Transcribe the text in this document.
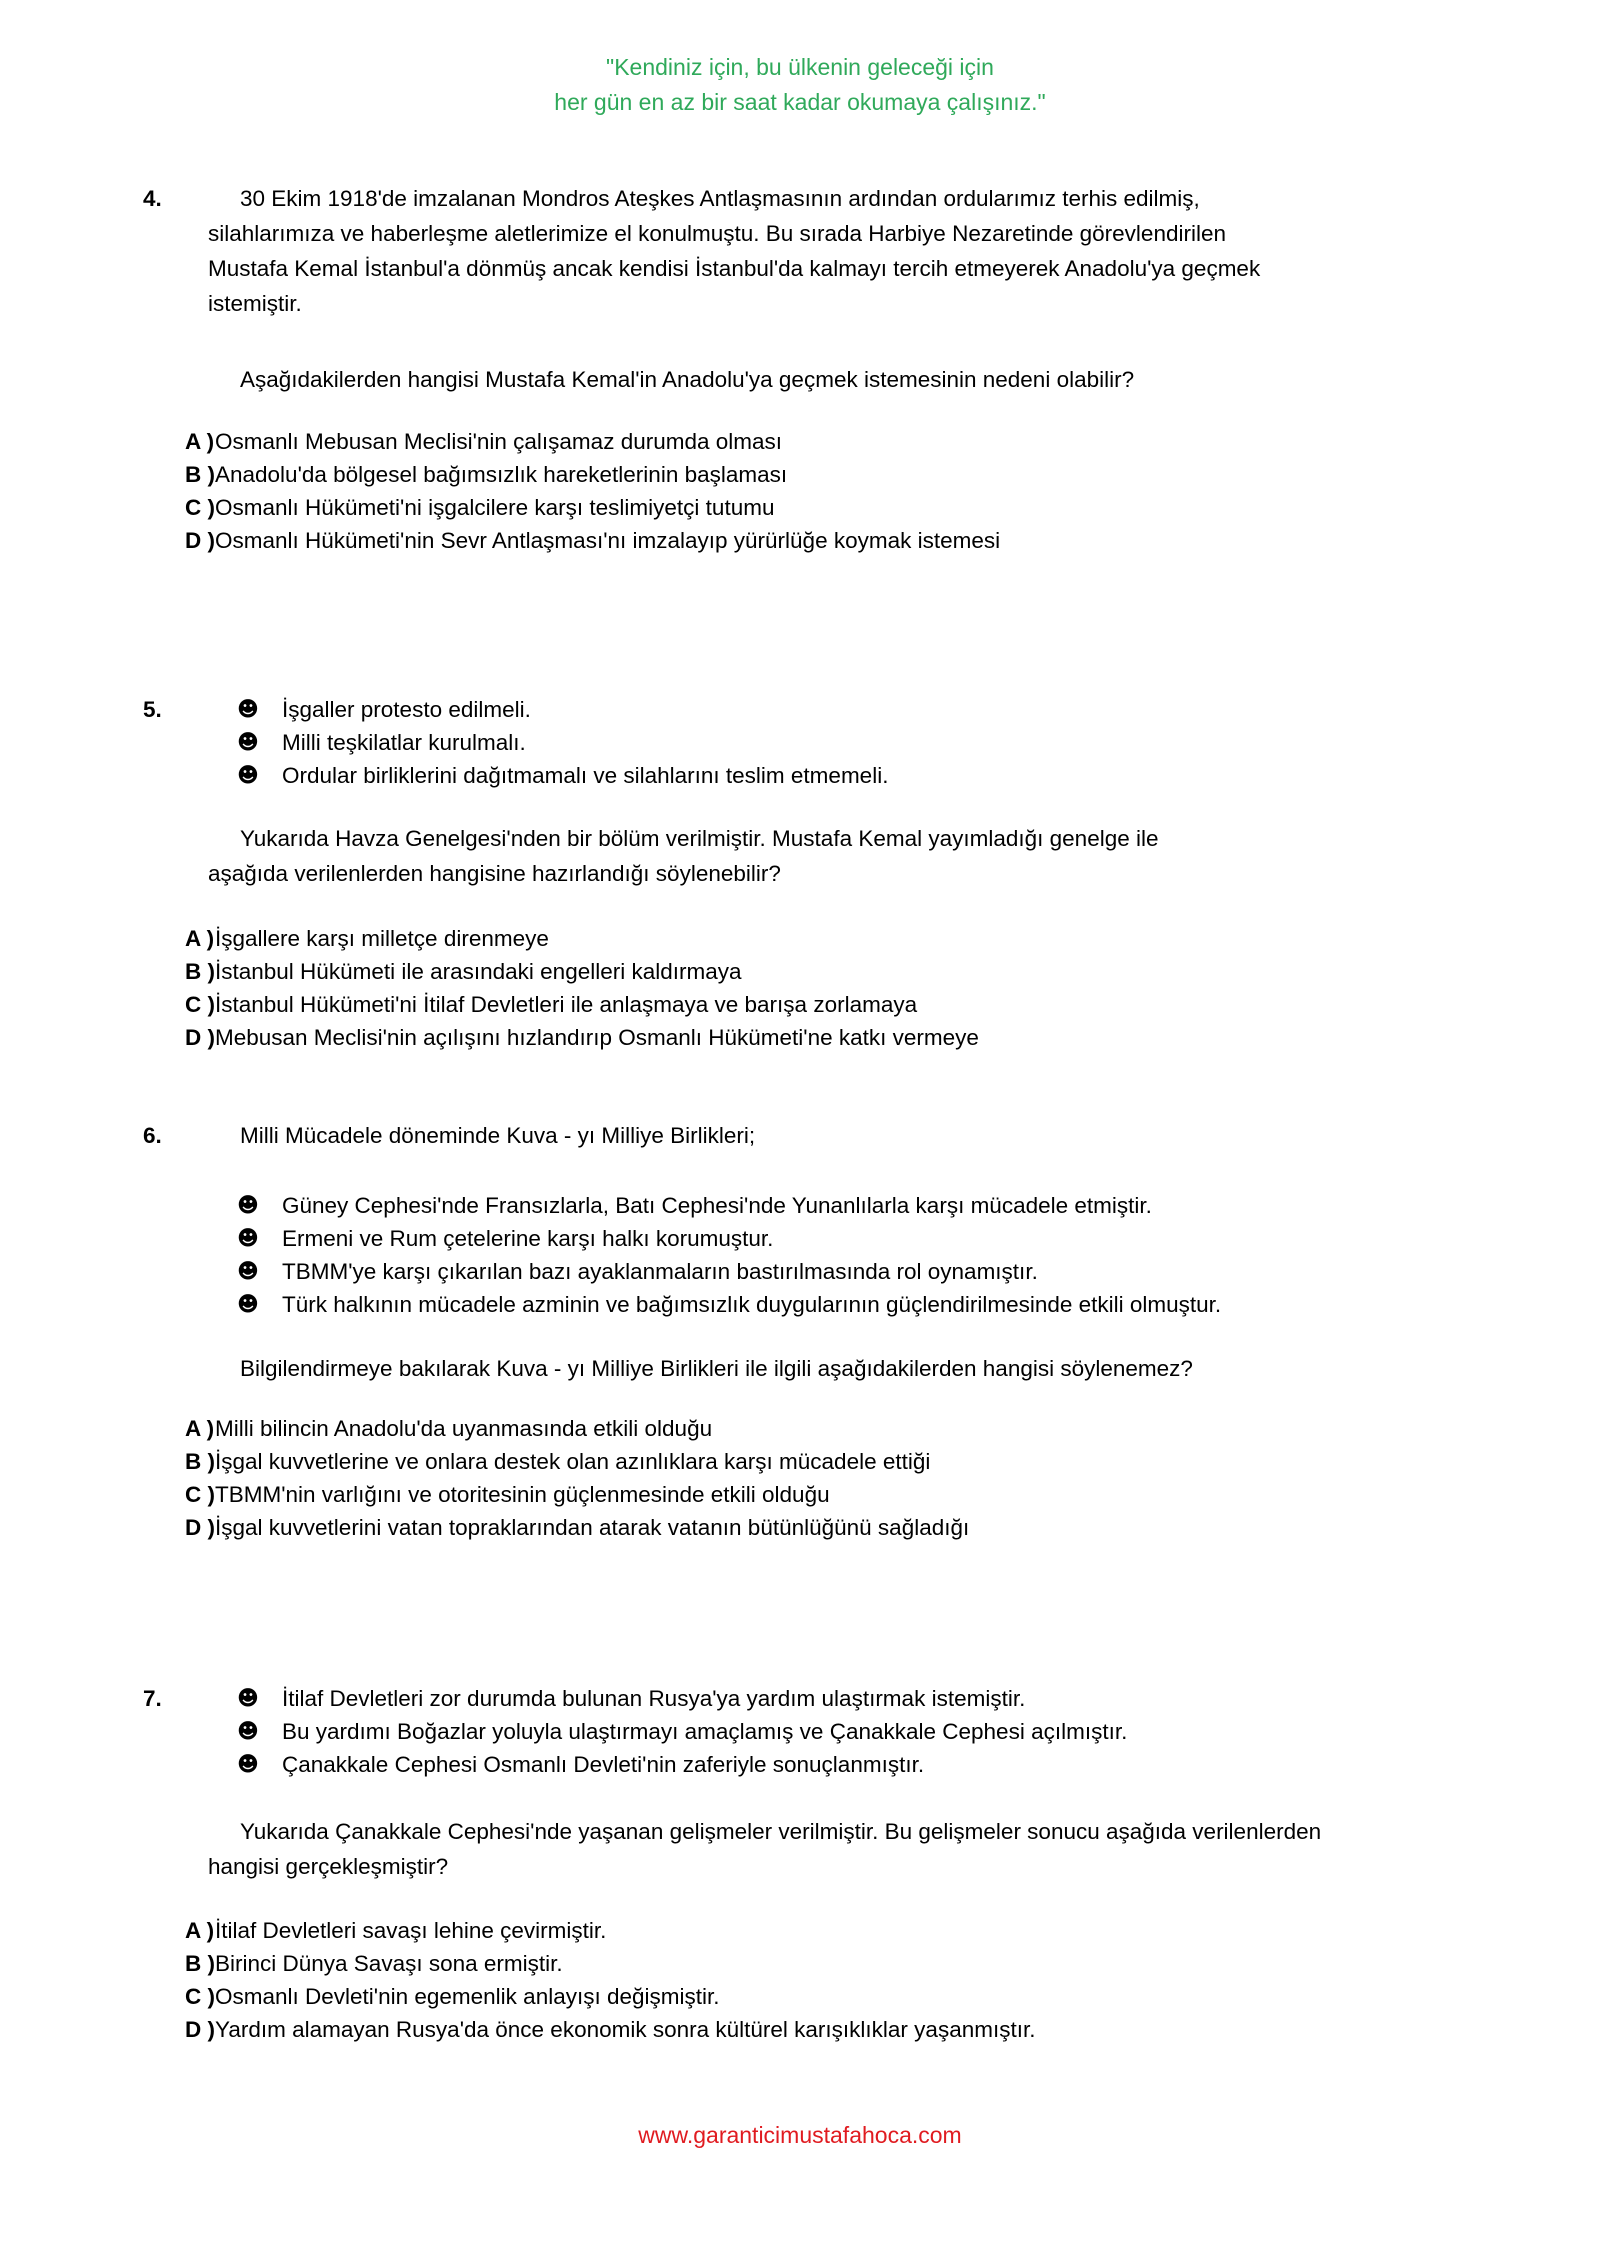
"Kendiniz için, bu ülkenin geleceği için
her gün en az bir saat kadar okumaya çalışınız."
4.	30 Ekim 1918'de imzalanan Mondros Ateşkes Antlaşmasının ardından ordularımız terhis edilmiş, silahlarımıza ve haberleşme aletlerimize el konulmuştu. Bu sırada Harbiye Nezaretinde görevlendirilen Mustafa Kemal İstanbul'a dönmüş ancak kendisi İstanbul'da kalmayı tercih etmeyerek Anadolu'ya geçmek istemiştir.

Aşağıdakilerden hangisi Mustafa Kemal'in Anadolu'ya geçmek istemesinin nedeni olabilir?

A ) Osmanlı Mebusan Meclisi'nin çalışamaz durumda olması
B ) Anadolu'da bölgesel bağımsızlık hareketlerinin başlaması
C ) Osmanlı Hükümeti'ni işgalcilere karşı teslimiyetçi tutumu
D ) Osmanlı Hükümeti'nin Sevr Antlaşması'nı imzalayıp yürürlüğe koymak istemesi
5.	☻	İşgaller protesto edilmeli.
☻	Milli teşkilatlar kurulmalı.
☻	Ordular birliklerini dağıtmamalı ve silahlarını teslim etmemeli.

Yukarıda Havza Genelgesi'nden bir bölüm verilmiştir. Mustafa Kemal yayımladığı genelge ile aşağıda verilenlerden hangisine hazırlandığı söylenebilir?

A ) İşgallere karşı milletçe direnmeye
B ) İstanbul Hükümeti ile arasındaki engelleri kaldırmaya
C ) İstanbul Hükümeti'ni İtilaf Devletleri ile anlaşmaya ve barışa zorlamaya
D ) Mebusan Meclisi'nin açılışını hızlandırıp Osmanlı Hükümeti'ne katkı vermeye
6.	Milli Mücadele döneminde Kuva - yı Milliye Birlikleri;

☻	Güney Cephesi'nde Fransızlarla, Batı Cephesi'nde Yunanlılarla karşı mücadele etmiştir.
☻	Ermeni ve Rum çetelerine karşı halkı korumuştur.
☻	TBMM'ye karşı çıkarılan bazı ayaklanmaların bastırılmasında rol oynamıştır.
☻	Türk halkının mücadele azminin ve bağımsızlık duygularının güçlendirilmesinde etkili olmuştur.

Bilgilendirmeye bakılarak Kuva - yı Milliye Birlikleri ile ilgili aşağıdakilerden hangisi söylenemez?

A ) Milli bilincin Anadolu'da uyanmasında etkili olduğu
B ) İşgal kuvvetlerine ve onlara destek olan azınlıklara karşı mücadele ettiği
C ) TBMM'nin varlığını ve otoritesinin güçlenmesinde etkili olduğu
D ) İşgal kuvvetlerini vatan topraklarından atarak vatanın bütünlüğünü sağladığı
7.	☻	İtilaf Devletleri zor durumda bulunan Rusya'ya yardım ulaştırmak istemiştir.
☻	Bu yardımı Boğazlar yoluyla ulaştırmayı amaçlamış ve Çanakkale Cephesi açılmıştır.
☻	Çanakkale Cephesi Osmanlı Devleti'nin zaferiyle sonuçlanmıştır.

Yukarıda Çanakkale Cephesi'nde yaşanan gelişmeler verilmiştir. Bu gelişmeler sonucu aşağıda verilenlerden hangisi gerçekleşmiştir?

A ) İtilaf Devletleri savaşı lehine çevirmiştir.
B ) Birinci Dünya Savaşı sona ermiştir.
C ) Osmanlı Devleti'nin egemenlik anlayışı değişmiştir.
D ) Yardım alamayan Rusya'da önce ekonomik sonra kültürel karışıklıklar yaşanmıştır.
www.garanticimustafahoca.com
